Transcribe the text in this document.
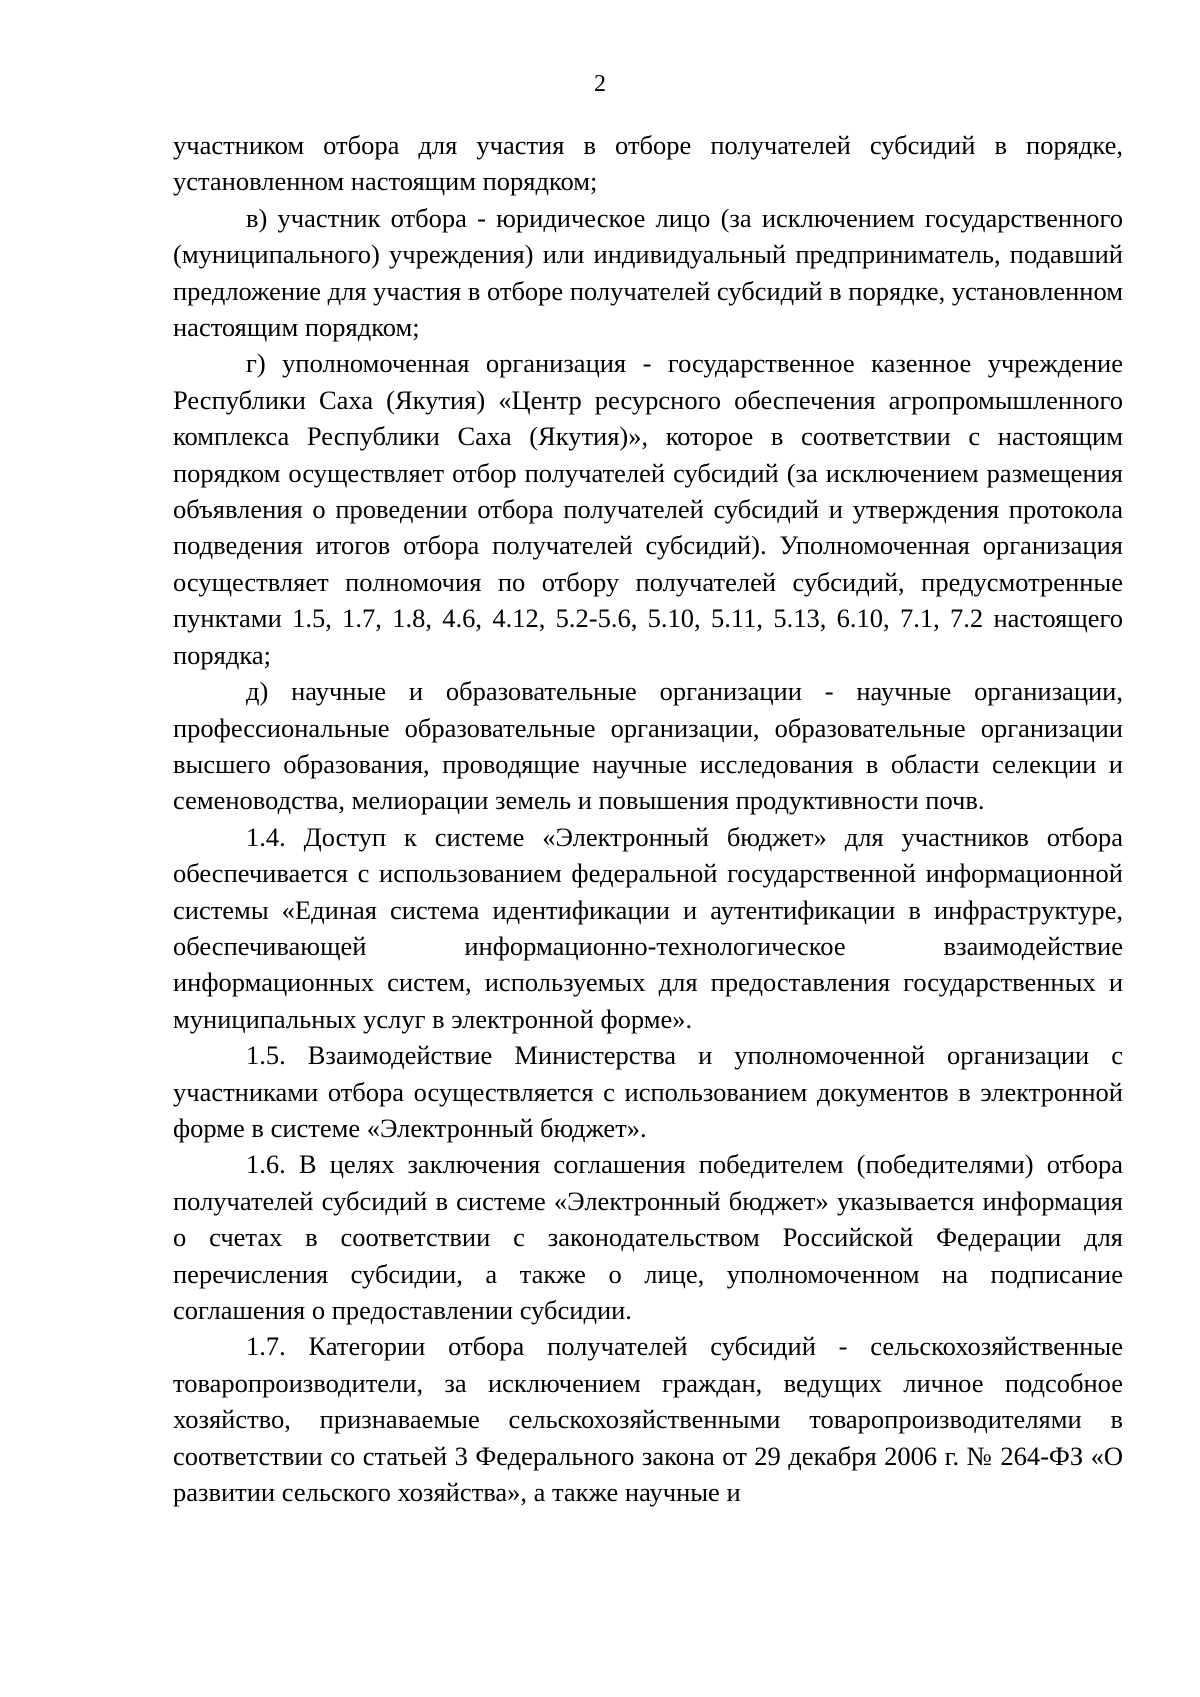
2

участником отбора для участия в отборе получателей субсидий в порядке, установленном настоящим порядком;

в) участник отбора - юридическое лицо (за исключением государственного (муниципального) учреждения) или индивидуальный предприниматель, подавший предложение для участия в отборе получателей субсидий в порядке, установленном настоящим порядком;

г) уполномоченная организация - государственное казенное учреждение Республики Саха (Якутия) «Центр ресурсного обеспечения агропромышленного комплекса Республики Саха (Якутия)», которое в соответствии с настоящим порядком осуществляет отбор получателей субсидий (за исключением размещения объявления о проведении отбора получателей субсидий и утверждения протокола подведения итогов отбора получателей субсидий). Уполномоченная организация осуществляет полномочия по отбору получателей субсидий, предусмотренные пунктами 1.5, 1.7, 1.8, 4.6, 4.12, 5.2-5.6, 5.10, 5.11, 5.13, 6.10, 7.1, 7.2 настоящего порядка;

д) научные и образовательные организации - научные организации, профессиональные образовательные организации, образовательные организации высшего образования, проводящие научные исследования в области селекции и семеноводства, мелиорации земель и повышения продуктивности почв.

1.4. Доступ к системе «Электронный бюджет» для участников отбора обеспечивается с использованием федеральной государственной информационной системы «Единая система идентификации и аутентификации в инфраструктуре, обеспечивающей информационно-технологическое взаимодействие информационных систем, используемых для предоставления государственных и муниципальных услуг в электронной форме».

1.5. Взаимодействие Министерства и уполномоченной организации с участниками отбора осуществляется с использованием документов в электронной форме в системе «Электронный бюджет».

1.6. В целях заключения соглашения победителем (победителями) отбора получателей субсидий в системе «Электронный бюджет» указывается информация о счетах в соответствии с законодательством Российской Федерации для перечисления субсидии, а также о лице, уполномоченном на подписание соглашения о предоставлении субсидии.

1.7. Категории отбора получателей субсидий - сельскохозяйственные товаропроизводители, за исключением граждан, ведущих личное подсобное хозяйство, признаваемые сельскохозяйственными товаропроизводителями в соответствии со статьей 3 Федерального закона от 29 декабря 2006 г. № 264-ФЗ «О развитии сельского хозяйства», а также научные и
